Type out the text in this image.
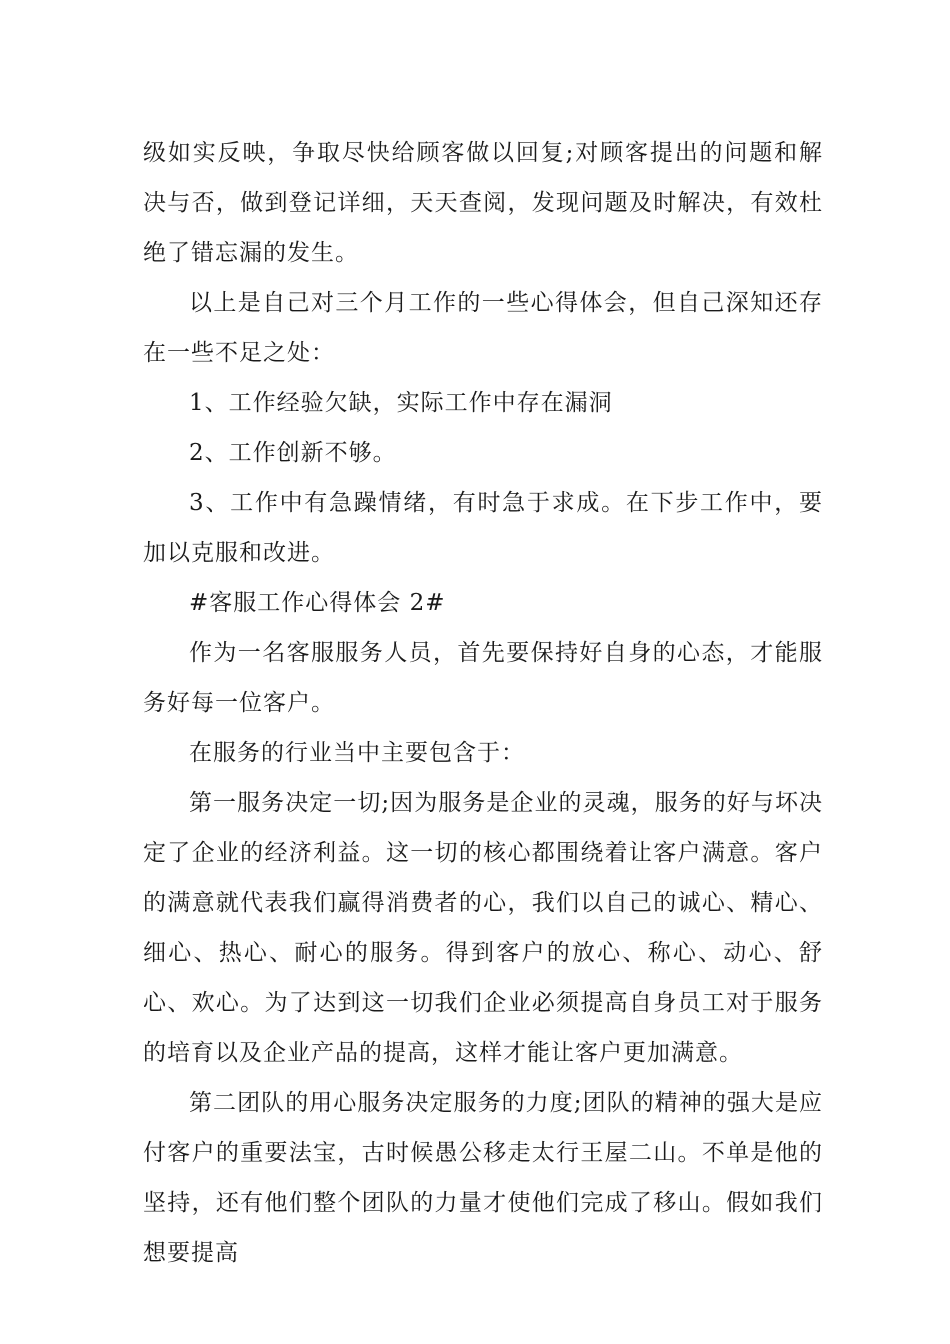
级如实反映，争取尽快给顾客做以回复;对顾客提出的问题和解决与否，做到登记详细，天天查阅，发现问题及时解决，有效杜绝了错忘漏的发生。

以上是自己对三个月工作的一些心得体会，但自己深知还存在一些不足之处：

1、工作经验欠缺，实际工作中存在漏洞

2、工作创新不够。

3、工作中有急躁情绪，有时急于求成。在下步工作中，要加以克服和改进。

#客服工作心得体会 2#

作为一名客服服务人员，首先要保持好自身的心态，才能服务好每一位客户。

在服务的行业当中主要包含于：

第一服务决定一切;因为服务是企业的灵魂，服务的好与坏决定了企业的经济利益。这一切的核心都围绕着让客户满意。客户的满意就代表我们赢得消费者的心，我们以自己的诚心、精心、细心、热心、耐心的服务。得到客户的放心、称心、动心、舒心、欢心。为了达到这一切我们企业必须提高自身员工对于服务的培育以及企业产品的提高，这样才能让客户更加满意。

第二团队的用心服务决定服务的力度;团队的精神的强大是应付客户的重要法宝，古时候愚公移走太行王屋二山。不单是他的坚持，还有他们整个团队的力量才使他们完成了移山。假如我们想要提高
